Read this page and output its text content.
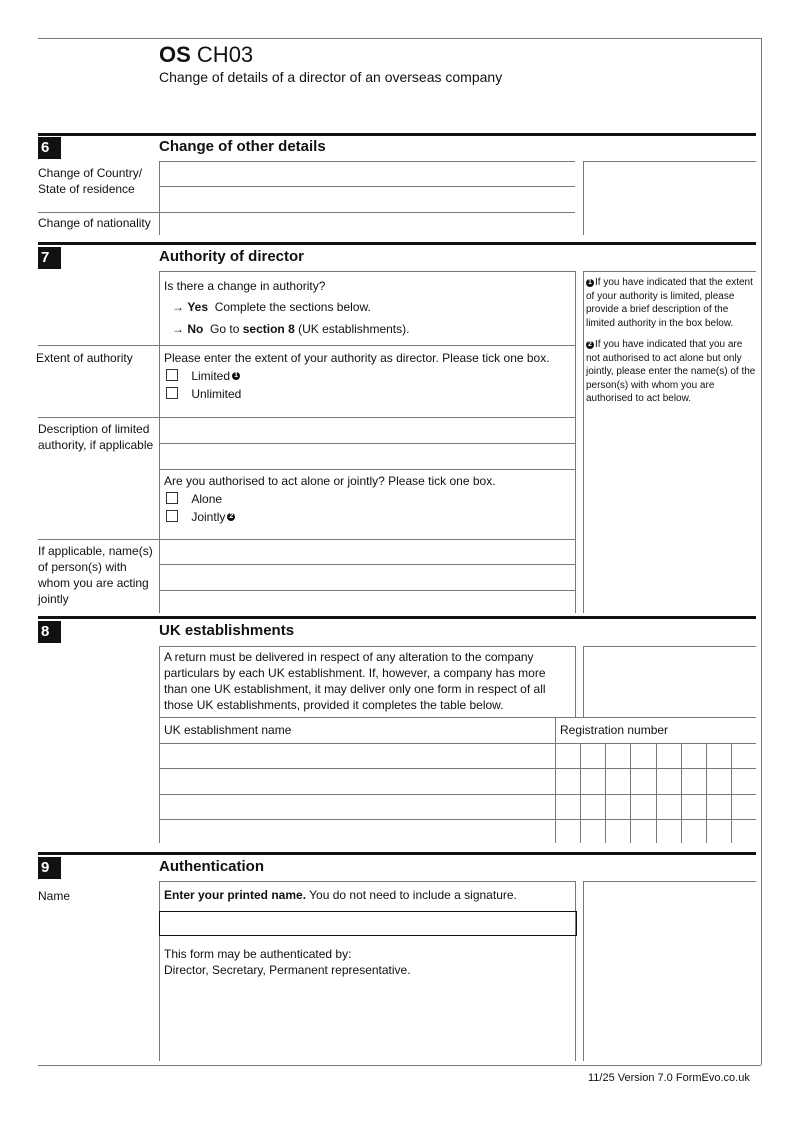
OS CH03
Change of details of a director of an overseas company
6	Change of other details
Change of Country/
State of residence
Change of nationality
7	Authority of director
Is there a change in authority?
→ Yes Complete the sections below.
→ No Go to section 8 (UK establishments).
Extent of authority	Please enter the extent of your authority as director. Please tick one box.
Limited 1
Unlimited
Description of limited
authority, if applicable
Are you authorised to act alone or jointly? Please tick one box.
Alone
Jointly 2
If applicable, name(s)
of person(s) with
whom you are acting
jointly
1 If you have indicated that the extent of your authority is limited, please provide a brief description of the limited authority in the box below.
2 If you have indicated that you are not authorised to act alone but only jointly, please enter the name(s) of the person(s) with whom you are authorised to act below.
8	UK establishments
A return must be delivered in respect of any alteration to the company particulars by each UK establishment. If, however, a company has more than one UK establishment, it may deliver only one form in respect of all those UK establishments, provided it completes the table below.
UK establishment name	Registration number
9	Authentication
Name	Enter your printed name. You do not need to include a signature.
This form may be authenticated by:
Director, Secretary, Permanent representative.
11/25 Version 7.0 FormEvo.co.uk
